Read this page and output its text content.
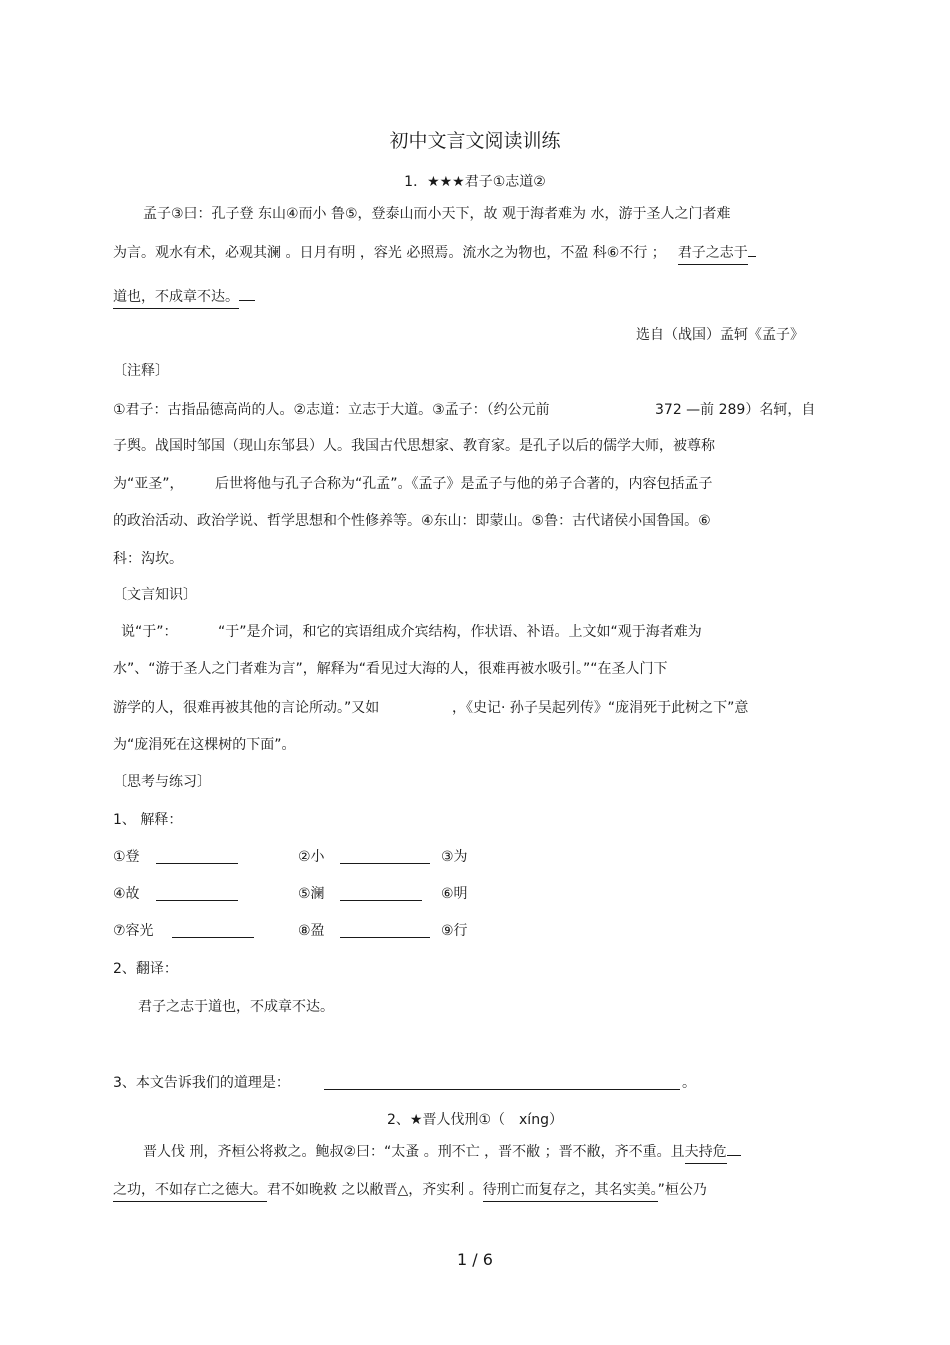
初中文言文阅读训练
1．★★★君子①志道②
孟子③曰：孔子登 东山④而小 鲁⑤，登泰山而小天下，故 观于海者难为 水，游于圣人之门者难
为言。观水有术，必观其澜 。日月有明 ，容光 必照焉。流水之为物也，不盈 科⑥不行 ； 君子之志于
道也，不成章不达。
选自（战国）孟轲《孟子》
〔注释〕
①君子：古指品德高尚的人。②志道：立志于大道。③孟子：（约公元前	372 —前 289）名轲，自
子舆。战国时邹国（现山东邹县）人。我国古代思想家、教育家。是孔子以后的儒学大师，被尊称
为“亚圣”， 后世将他与孔子合称为“孔孟”。《孟子》是孟子与他的弟子合著的，内容包括孟子
的政治活动、政治学说、哲学思想和个性修养等。④东山：即蒙山。⑤鲁：古代诸侯小国鲁国。⑥
科：沟坎。
〔文言知识〕
说“于”：	“于”是介词，和它的宾语组成介宾结构，作状语、补语。上文如“观于海者难为
水”、“游于圣人之门者难为言”，解释为“看见过大海的人，很难再被水吸引。”“在圣人门下
游学的人，很难再被其他的言论所动。”又如	，《史记· 孙子吴起列传》“庞涓死于此树之下”意
为“庞涓死在这棵树的下面”。
〔思考与练习〕
1、 解释：
①登	②小	③为
④故	⑤澜	⑥明
⑦容光	⑧盈	⑨行
2、翻译：
君子之志于道也，不成章不达。
3、本文告诉我们的道理是：	。
2、★晋人伐刑①（　xíng）
晋人伐 刑，齐桓公将救之。鲍叔②曰：“太蚤 。刑不亡 ，晋不敝 ；晋不敝，齐不重。且夫持危
之功，不如存亡之德大。君不如晚救 之以敝晋△，齐实利 。待刑亡而复存之，其名实美。”桓公乃
1 / 6
